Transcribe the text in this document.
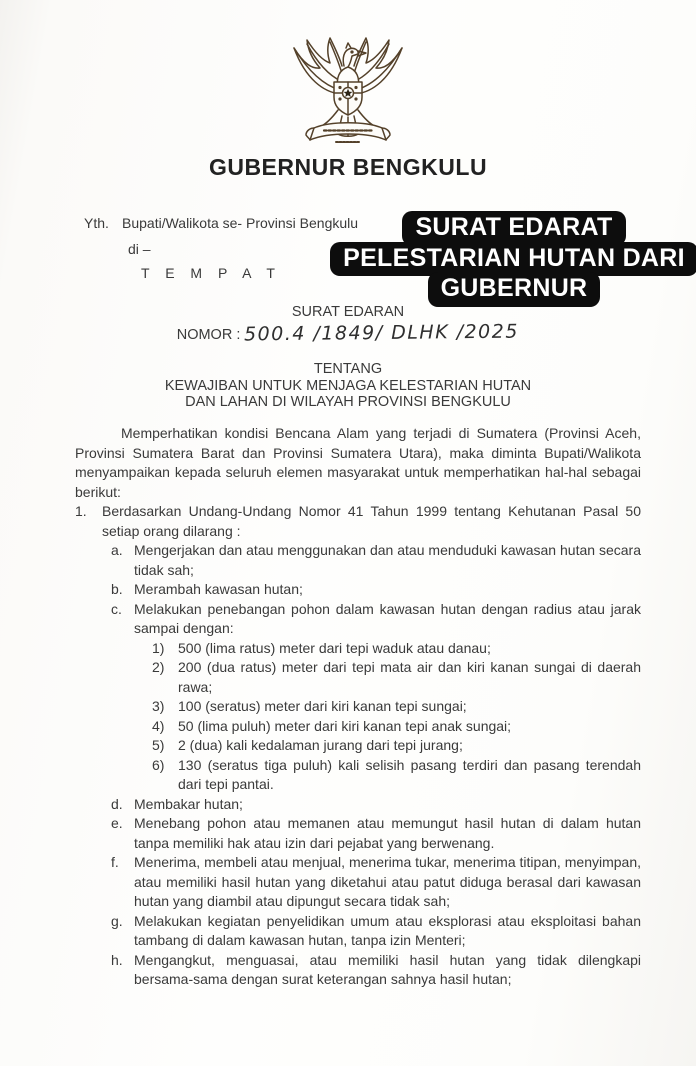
GUBERNUR BENGKULU
Yth. Bupati/Walikota se- Provinsi Bengkulu
di –
T E M P A T
SURAT EDARAT
PELESTARIAN HUTAN DARI
GUBERNUR
SURAT EDARAN
NOMOR : 500.4 /1849/ DLHK /2025
TENTANG
KEWAJIBAN UNTUK MENJAGA KELESTARIAN HUTAN
DAN LAHAN DI WILAYAH PROVINSI BENGKULU
Memperhatikan kondisi Bencana Alam yang terjadi di Sumatera (Provinsi Aceh, Provinsi Sumatera Barat dan Provinsi Sumatera Utara), maka diminta Bupati/Walikota menyampaikan kepada seluruh elemen masyarakat untuk memperhatikan hal-hal sebagai berikut:
1.	Berdasarkan Undang-Undang Nomor 41 Tahun 1999 tentang Kehutanan Pasal 50 setiap orang dilarang :
a. Mengerjakan dan atau menggunakan dan atau menduduki kawasan hutan secara tidak sah;
b. Merambah kawasan hutan;
c. Melakukan penebangan pohon dalam kawasan hutan dengan radius atau jarak sampai dengan:
1) 500 (lima ratus) meter dari tepi waduk atau danau;
2) 200 (dua ratus) meter dari tepi mata air dan kiri kanan sungai di daerah rawa;
3) 100 (seratus) meter dari kiri kanan tepi sungai;
4) 50 (lima puluh) meter dari kiri kanan tepi anak sungai;
5) 2 (dua) kali kedalaman jurang dari tepi jurang;
6) 130 (seratus tiga puluh) kali selisih pasang terdiri dan pasang terendah dari tepi pantai.
d. Membakar hutan;
e. Menebang pohon atau memanen atau memungut hasil hutan di dalam hutan tanpa memiliki hak atau izin dari pejabat yang berwenang.
f.	Menerima, membeli atau menjual, menerima tukar, menerima titipan, menyimpan, atau memiliki hasil hutan yang diketahui atau patut diduga berasal dari kawasan hutan yang diambil atau dipungut secara tidak sah;
g. Melakukan kegiatan penyelidikan umum atau eksplorasi atau eksploitasi bahan tambang di dalam kawasan hutan, tanpa izin Menteri;
h. Mengangkut, menguasai, atau memiliki hasil hutan yang tidak dilengkapi bersama-sama dengan surat keterangan sahnya hasil hutan;
